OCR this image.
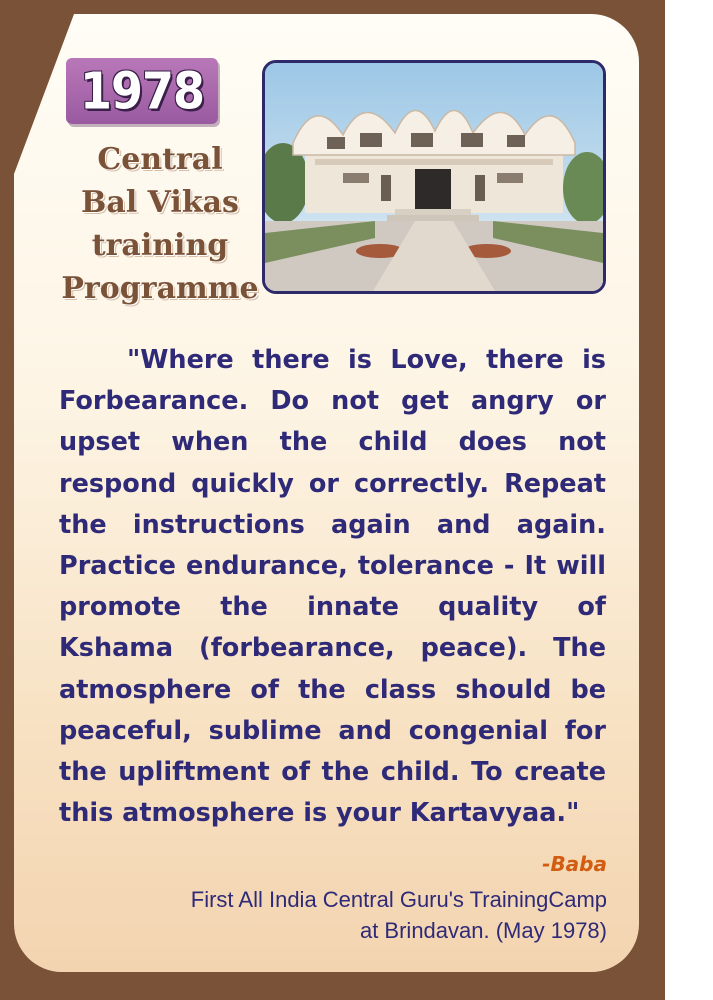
1978
Central
Bal Vikas
training
Programme

"Where there is Love, there is Forbearance. Do not get angry or upset when the child does not respond quickly or correctly. Repeat the instructions again and again. Practice endurance, tolerance - It will promote the innate quality of Kshama (forbearance, peace). The atmosphere of the class should be peaceful, sublime and congenial for the upliftment of the child. To create this atmosphere is your Kartavyaa."

-Baba
First All India Central Guru's TrainingCamp
at Brindavan. (May 1978)
